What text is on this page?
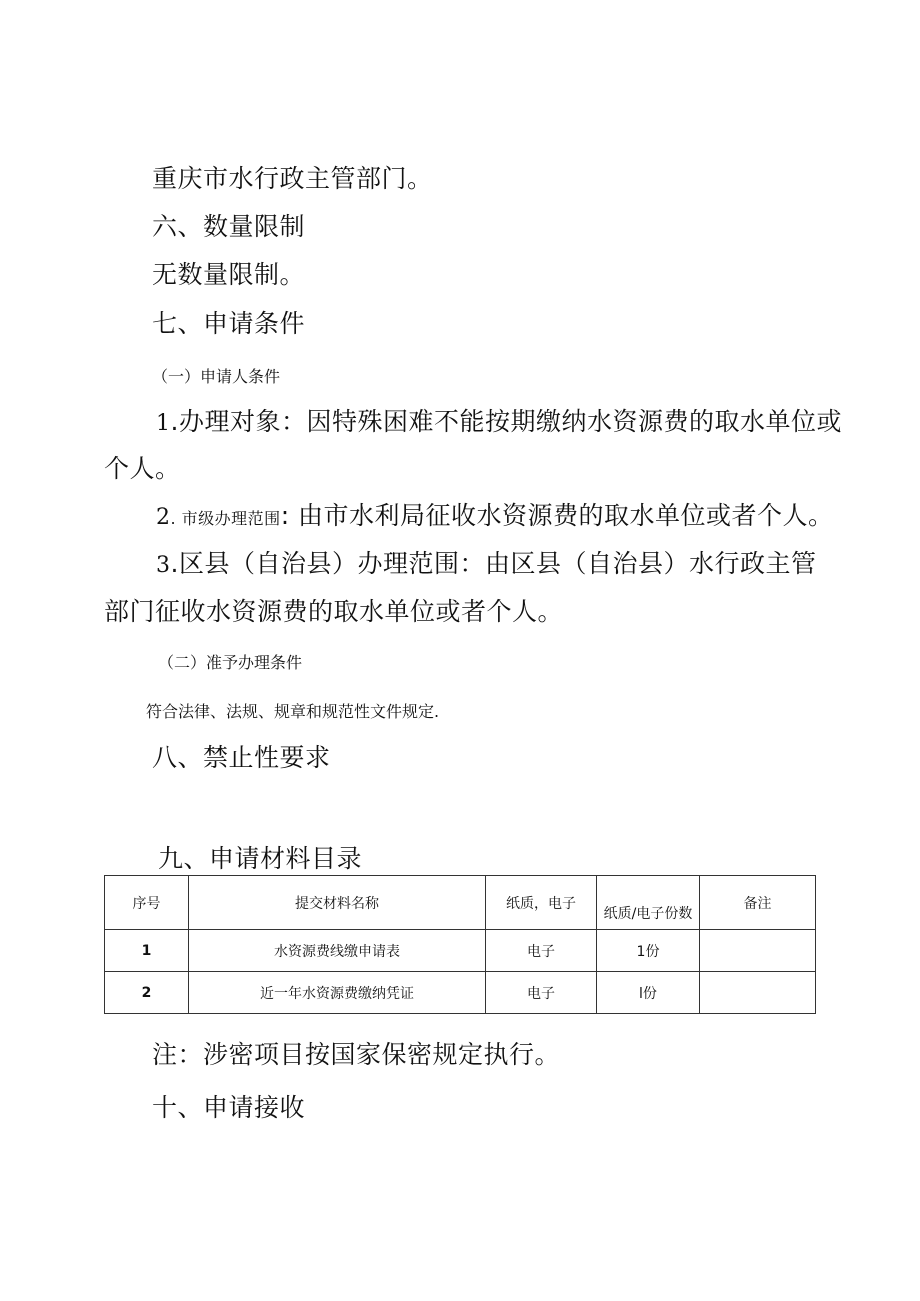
重庆市水行政主管部门。
六、数量限制
无数量限制。
七、申请条件
（一）申请人条件
1.办理对象：因特殊困难不能按期缴纳水资源费的取水单位或
个人。
2. 市级办理范围: 由市水利局征收水资源费的取水单位或者个人。
3.区县（自治县）办理范围：由区县（自治县）水行政主管
部门征收水资源费的取水单位或者个人。
（二）准予办理条件
符合法律、法规、规章和规范性文件规定.
八、禁止性要求
九、申请材料目录
序号	提交材料名称	纸质，电子	纸质/电子份数	备注
1	水资源费线缴申请表	电子	1份	
2	近一年水资源费缴纳凭证	电子	l份	
注：涉密项目按国家保密规定执行。
十、申请接收
